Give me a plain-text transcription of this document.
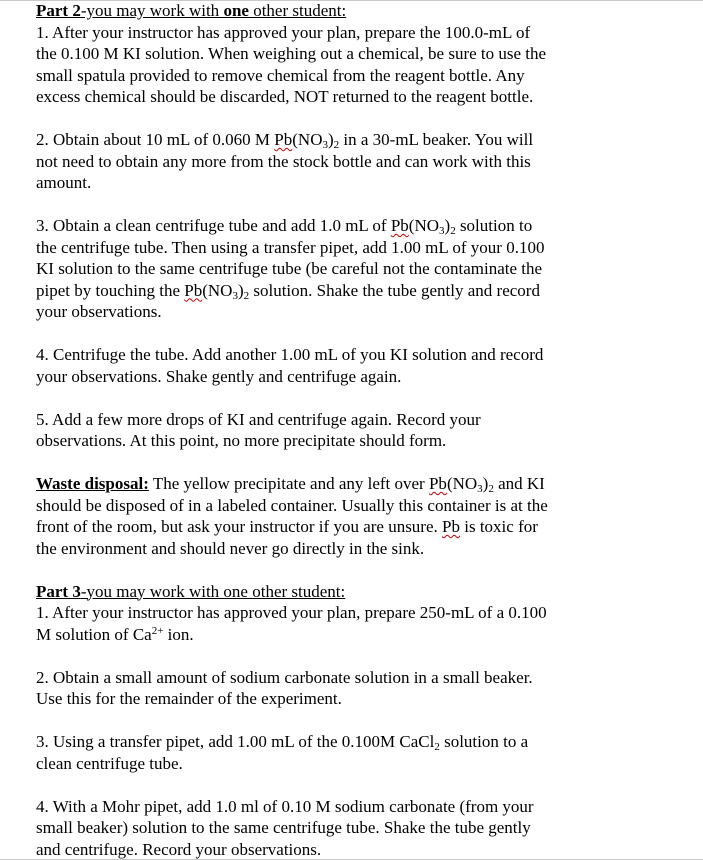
Part 2-you may work with one other student:
1. After your instructor has approved your plan, prepare the 100.0-mL of
the 0.100 M KI solution. When weighing out a chemical, be sure to use the
small spatula provided to remove chemical from the reagent bottle. Any
excess chemical should be discarded, NOT returned to the reagent bottle.
2. Obtain about 10 mL of 0.060 M $Pb(NO_3)_2$ in a 30-mL beaker. You will
not need to obtain any more from the stock bottle and can work with this
amount.
3. Obtain a clean centrifuge tube and add 1.0 mL of $Pb(NO_3)_2$ solution to
the centrifuge tube. Then using a transfer pipet, add 1.00 mL of your 0.100
KI solution to the same centrifuge tube (be careful not the contaminate the
pipet by touching the $Pb(NO_3)_2$ solution. Shake the tube gently and record
your observations.
4. Centrifuge the tube. Add another 1.00 mL of you KI solution and record
your observations. Shake gently and centrifuge again.
5. Add a few more drops of KI and centrifuge again. Record your
observations. At this point, no more precipitate should form.
Waste disposal: The yellow precipitate and any left over $Pb(NO_3)_2$ and KI
should be disposed of in a labeled container. Usually this container is at the
front of the room, but ask your instructor if you are unsure. Pb is toxic for
the environment and should never go directly in the sink.
Part 3-you may work with one other student:
1. After your instructor has approved your plan, prepare 250-mL of a 0.100
M solution of $Ca^{2+}$ ion.
2. Obtain a small amount of sodium carbonate solution in a small beaker.
Use this for the remainder of the experiment.
3. Using a transfer pipet, add 1.00 mL of the 0.100M CaCl$_2$ solution to a
clean centrifuge tube.
4. With a Mohr pipet, add 1.0 ml of 0.10 M sodium carbonate (from your
small beaker) solution to the same centrifuge tube. Shake the tube gently
and centrifuge. Record your observations.
